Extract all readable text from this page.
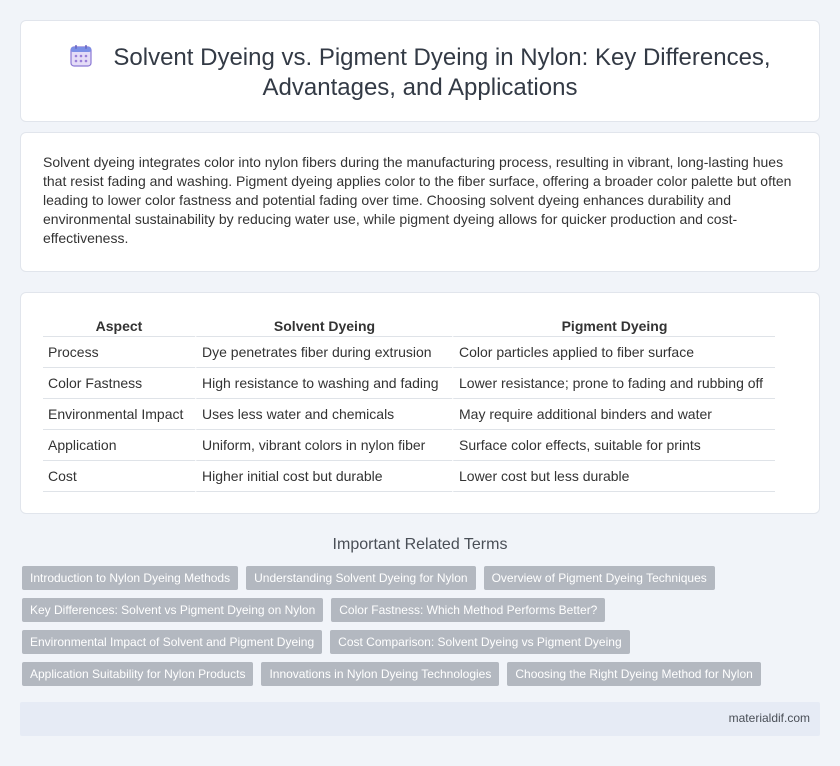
Solvent Dyeing vs. Pigment Dyeing in Nylon: Key Differences,
Advantages, and Applications

Solvent dyeing integrates color into nylon fibers during the manufacturing process, resulting in vibrant, long-lasting hues that resist fading and washing. Pigment dyeing applies color to the fiber surface, offering a broader color palette but often leading to lower color fastness and potential fading over time. Choosing solvent dyeing enhances durability and environmental sustainability by reducing water use, while pigment dyeing allows for quicker production and cost-effectiveness.

Aspect	Solvent Dyeing	Pigment Dyeing
Process	Dye penetrates fiber during extrusion	Color particles applied to fiber surface
Color Fastness	High resistance to washing and fading	Lower resistance; prone to fading and rubbing off
Environmental Impact	Uses less water and chemicals	May require additional binders and water
Application	Uniform, vibrant colors in nylon fiber	Surface color effects, suitable for prints
Cost	Higher initial cost but durable	Lower cost but less durable
Important Related Terms
Introduction to Nylon Dyeing Methods	Understanding Solvent Dyeing for Nylon	Overview of Pigment Dyeing Techniques
Key Differences: Solvent vs Pigment Dyeing on Nylon	Color Fastness: Which Method Performs Better?
Environmental Impact of Solvent and Pigment Dyeing	Cost Comparison: Solvent Dyeing vs Pigment Dyeing
Application Suitability for Nylon Products	Innovations in Nylon Dyeing Technologies	Choosing the Right Dyeing Method for Nylon
materialdif.com
